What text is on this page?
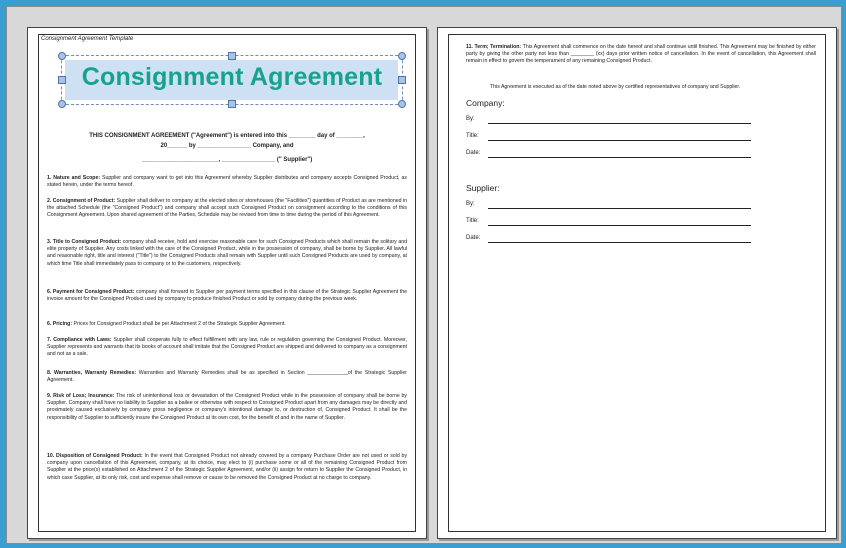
Consignment Agreement Template
Consignment Agreement
THIS CONSIGNMENT AGREEMENT ("Agreement") is entered into this ________ day of ________,
20______ by ________________ Company, and
_______________________, ________________ (" Supplier")
1. Nature and Scope: Supplier and company want to get into this Agreement whereby Supplier distributes and company accepts Consigned Product, as stated herein, under the terms hereof.
2. Consignment of Product: Supplier shall deliver to company at the elected sites or storehouses (the "Facilities") quantities of Product as are mentioned in the attached Schedule (the "Consigned Product") and company shall accept such Consigned Product on consignment according to the conditions of this Consignment Agreement. Upon shared agreement of the Parties, Schedule may be revised from time to time during the period of this Agreement.
3. Title to Consigned Product: company shall receive, hold and exercise reasonable care for such Consigned Products which shall remain the solitary and elite property of Supplier. Any costs linked with the care of the Consigned Product, while in the possession of company, shall be borne by Supplier. All lawful and reasonable right, title and interest ("Title") to the Consigned Products shall remain with Supplier until such Consigned Products are used by company, at which time Title shall immediately pass to company or to the customers, respectively.
6. Payment for Consigned Product: company shall forward to Supplier per payment terms specified in this clause of the Strategic Supplier Agreement the invoice amount for the Consigned Product used by company to produce finished Product or sold by company during the previous week.
6. Pricing: Prices for Consigned Product shall be per Attachment 2 of the Strategic Supplier Agreement.
7. Compliance with Laws: Supplier shall cooperate fully to effect fulfillment with any law, rule or regulation governing the Consigned Product. Moreover, Supplier represents and warrants that its books of account shall imitate that the Consigned Product are shipped and delivered to company as a consignment and not as a sale.
8. Warranties, Warranty Remedies: Warranties and Warranty Remedies shall be as specified in Section ______________of the Strategic Supplier Agreement.
9. Risk of Loss; Insurance: The risk of unintentional loss or devastation of the Consigned Product while in the possession of company shall be borne by Supplier. Company shall have no liability to Supplier as a bailee or otherwise with respect to Consigned Product apart from any damages may be directly and proximately caused exclusively by company gross negligence or company's intentional damage to, or destruction of, Consigned Product. It shall be the responsibility of Supplier to sufficiently insure the Consigned Product at its own cost, for the benefit of and in the name of Supplier.
10. Disposition of Consigned Product: In the event that Consigned Product not already covered by a company Purchase Order are not used or sold by company upon cancellation of this Agreement, company, at its choice, may elect to (i) purchase some or all of the remaining Consigned Product from Supplier at the price(s) established on Attachment 2 of the Strategic Supplier Agreement, and/or (ii) assign for return to Supplier the Consigned Product, in which case Supplier, at its only risk, cost and expense shall remove or cause to be removed the Consigned Product at no charge to company.
11. Term; Termination: This Agreement shall commence on the date hereof and shall continue until finished. This Agreement may be finished by either party by giving the other party not less than ________ (xx) days prior written notice of cancellation. In the event of cancellation, this Agreement shall remain in effect to govern the temperament of any remaining Consigned Product.
This Agreement is executed as of the date noted above by certified representatives of company and Supplier.
Company:
By:
Title:
Date:
Supplier:
By:
Title:
Date:
